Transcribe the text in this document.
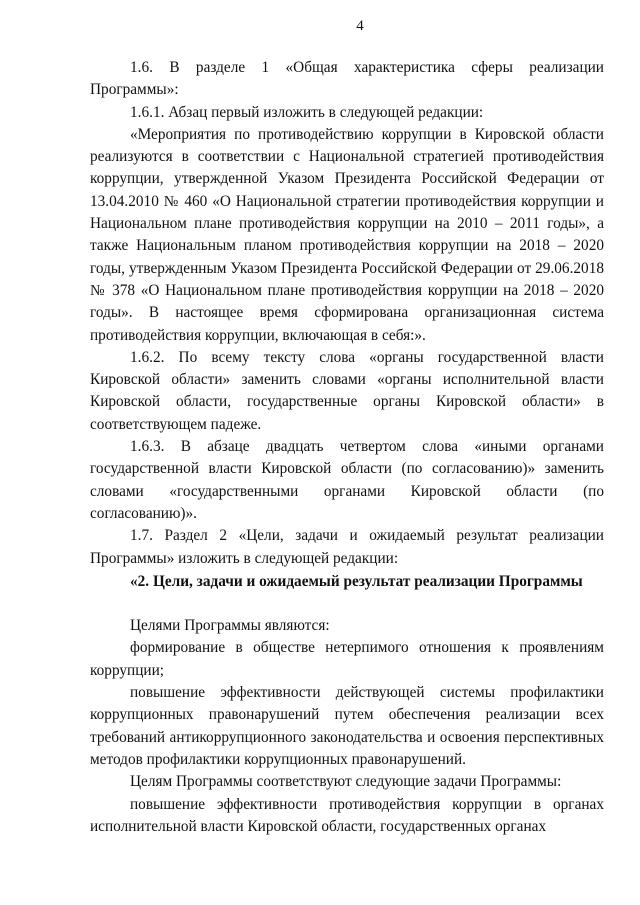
4

1.6. В разделе 1 «Общая характеристика сферы реализации Программы»:

1.6.1. Абзац первый изложить в следующей редакции:

«Мероприятия по противодействию коррупции в Кировской области реализуются в соответствии с Национальной стратегией противодействия коррупции, утвержденной Указом Президента Российской Федерации от 13.04.2010 № 460 «О Национальной стратегии противодействия коррупции и Национальном плане противодействия коррупции на 2010 – 2011 годы», а также Национальным планом противодействия коррупции на 2018 – 2020 годы, утвержденным Указом Президента Российской Федерации от 29.06.2018 № 378 «О Национальном плане противодействия коррупции на 2018 – 2020 годы». В настоящее время сформирована организационная система противодействия коррупции, включающая в себя:».

1.6.2. По всему тексту слова «органы государственной власти Кировской области» заменить словами «органы исполнительной власти Кировской области, государственные органы Кировской области» в соответствующем падеже.

1.6.3. В абзаце двадцать четвертом слова «иными органами государственной власти Кировской области (по согласованию)» заменить словами «государственными органами Кировской области (по согласованию)».

1.7. Раздел 2 «Цели, задачи и ожидаемый результат реализации Программы» изложить в следующей редакции:

«2. Цели, задачи и ожидаемый результат реализации Программы

Целями Программы являются:

формирование в обществе нетерпимого отношения к проявлениям коррупции;

повышение эффективности действующей системы профилактики коррупционных правонарушений путем обеспечения реализации всех требований антикоррупционного законодательства и освоения перспективных методов профилактики коррупционных правонарушений.

Целям Программы соответствуют следующие задачи Программы:

повышение эффективности противодействия коррупции в органах исполнительной власти Кировской области, государственных органах
